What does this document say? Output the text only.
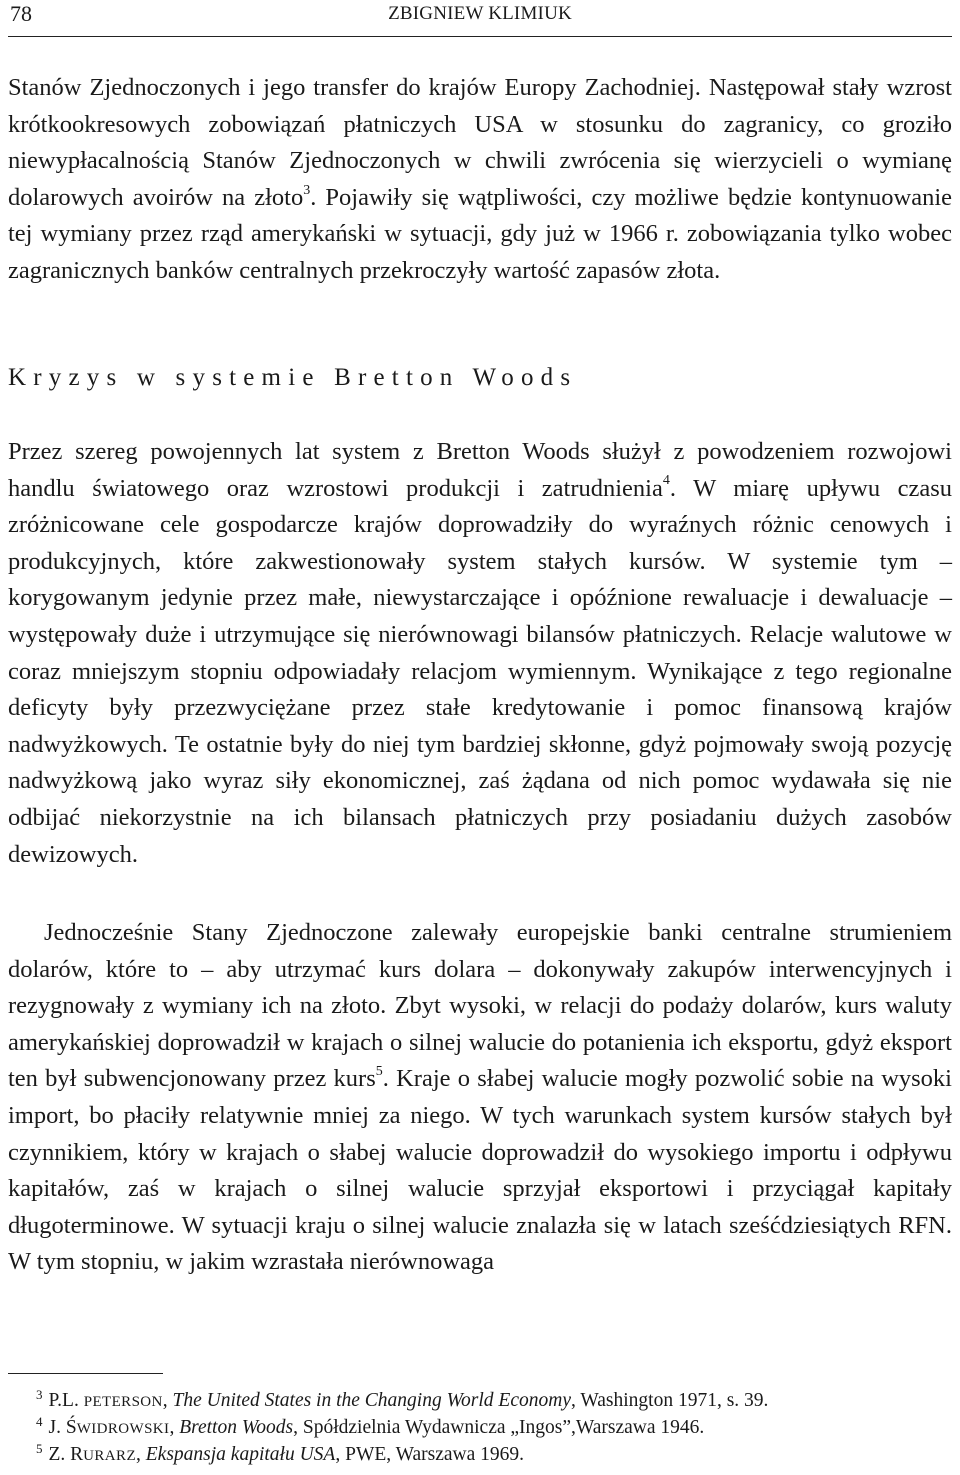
78	ZBIGNIEW KLIMIUK
Stanów Zjednoczonych i jego transfer do krajów Europy Zachodniej. Następował stały wzrost krótkookresowych zobowiązań płatniczych USA w stosunku do zagranicy, co groziło niewypłacalnością Stanów Zjednoczonych w chwili zwrócenia się wierzycieli o wymianę dolarowych avoirów na złoto$^3$. Pojawiły się wątpliwości, czy możliwe będzie kontynuowanie tej wymiany przez rząd amerykański w sytuacji, gdy już w 1966 r. zobowiązania tylko wobec zagranicznych banków centralnych przekroczyły wartość zapasów złota.
Kryzys w systemie Bretton Woods
Przez szereg powojennych lat system z Bretton Woods służył z powodzeniem rozwojowi handlu światowego oraz wzrostowi produkcji i zatrudnienia$^4$. W miarę upływu czasu zróżnicowane cele gospodarcze krajów doprowadziły do wyraźnych różnic cenowych i produkcyjnych, które zakwestionowały system stałych kursów. W systemie tym – korygowanym jedynie przez małe, niewystarczające i opóźnione rewaluacje i dewaluacje – występowały duże i utrzymujące się nierównowagi bilansów płatniczych. Relacje walutowe w coraz mniejszym stopniu odpowiadały relacjom wymiennym. Wynikające z tego regionalne deficyty były przezwyciężane przez stałe kredytowanie i pomoc finansową krajów nadwyżkowych. Te ostatnie były do niej tym bardziej skłonne, gdyż pojmowały swoją pozycję nadwyżkową jako wyraz siły ekonomicznej, zaś żądana od nich pomoc wydawała się nie odbijać niekorzystnie na ich bilansach płatniczych przy posiadaniu dużych zasobów dewizowych.
Jednocześnie Stany Zjednoczone zalewały europejskie banki centralne strumieniem dolarów, które to – aby utrzymać kurs dolara – dokonywały zakupów interwencyjnych i rezygnowały z wymiany ich na złoto. Zbyt wysoki, w relacji do podaży dolarów, kurs waluty amerykańskiej doprowadził w krajach o silnej walucie do potanienia ich eksportu, gdyż eksport ten był subwencjonowany przez kurs$^5$. Kraje o słabej walucie mogły pozwolić sobie na wysoki import, bo płaciły relatywnie mniej za niego. W tych warunkach system kursów stałych był czynnikiem, który w krajach o słabej walucie doprowadził do wysokiego importu i odpływu kapitałów, zaś w krajach o silnej walucie sprzyjał eksportowi i przyciągał kapitały długoterminowe. W sytuacji kraju o silnej walucie znalazła się w latach sześćdziesiątych RFN. W tym stopniu, w jakim wzrastała nierównowaga
$^3$ P.L. PETERSON, The United States in the Changing World Economy, Washington 1971, s. 39.
$^4$ J. ŚWIDROWSKI, Bretton Woods, Spółdzielnia Wydawnicza „Ingos”,Warszawa 1946.
$^5$ Z. RURARZ, Ekspansja kapitału USA, PWE, Warszawa 1969.
